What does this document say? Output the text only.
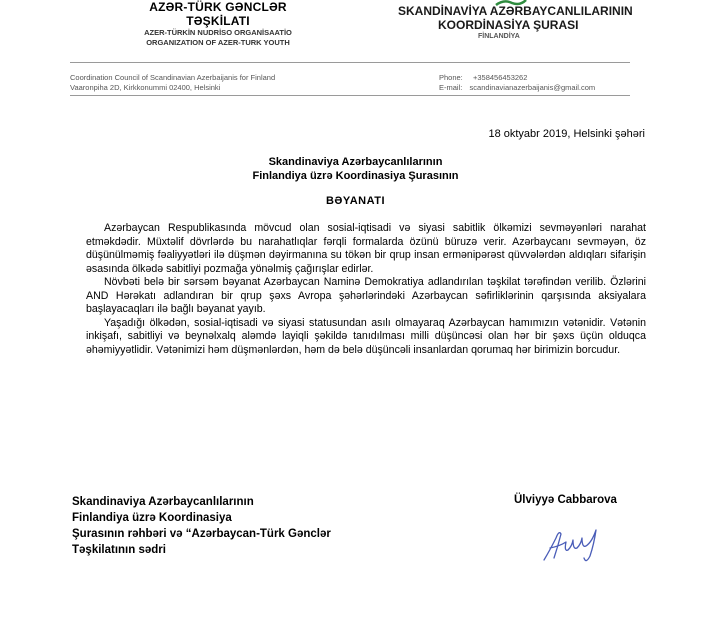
AZƏR-TÜRK GƏNCLƏR TƏŞKİLATI
AZER-TÜRKİN NUDRİSO ORGANİSAATİO
ORGANIZATION OF AZER-TURK YOUTH
SKANDİNAVİYA AZƏRBAYCANLILARININ
KOORDİNASİYA ŞURASI
FİNLANDİYA
Coordination Council of Scandinavian Azerbaijanis for Finland
Vaaronpiha 2D, Kirkkonummi 02400, Helsinki
Phone: +358456453262
E-mail: scandinavianazerbaijanis@gmail.com
18 oktyabr 2019, Helsinki şəhəri
Skandinaviya Azərbaycanlılarının
Finlandiya üzrə Koordinasiya Şurasının
BƏYANATI

Azərbaycan Respublikasında mövcud olan sosial-iqtisadi və siyasi sabitlik ölkəmizi sevməyənləri narahat etməkdədir. Müxtəlif dövrlərdə bu narahatlıqlar fərqli formalarda özünü büruzə verir. Azərbaycanı sevməyən, öz düşünülməmiş fəaliyyətləri ilə düşmən dəyirmanına su tökən bir qrup insan ermənipərəst qüvvələrdən aldıqları sifarişin əsasında ölkədə sabitliyi pozmağa yönəlmiş çağırışlar edirlər.

Növbəti belə bir sərsəm bəyanat Azərbaycan Naminə Demokratiya adlandırılan təşkilat tərəfindən verilib. Özlərini AND Hərəkatı adlandıran bir qrup şəxs Avropa şəhərlərindəki Azərbaycan səfirliklərinin qarşısında aksiyalara başlayacaqları ilə bağlı bəyanat yayıb.

Yaşadığı ölkədən, sosial-iqtisadi və siyasi statusundan asılı olmayaraq Azərbaycan hamımızın vətənidir. Vətənin inkişafı, sabitliyi və beynəlxalq aləmdə layiqli şəkildə tanıdılması milli düşüncəsi olan hər bir şəxs üçün olduqca əhəmiyyətlidir. Vətənimizi həm düşmənlərdən, həm də belə düşüncəli insanlardan qorumaq hər birimizin borcudur.

Skandinaviya Azərbaycanlılarının
Finlandiya üzrə Koordinasiya
Şurasının rəhbəri və “Azərbaycan-Türk Gənclər
Təşkilatının sədri
Ülviyyə Cabbarova
